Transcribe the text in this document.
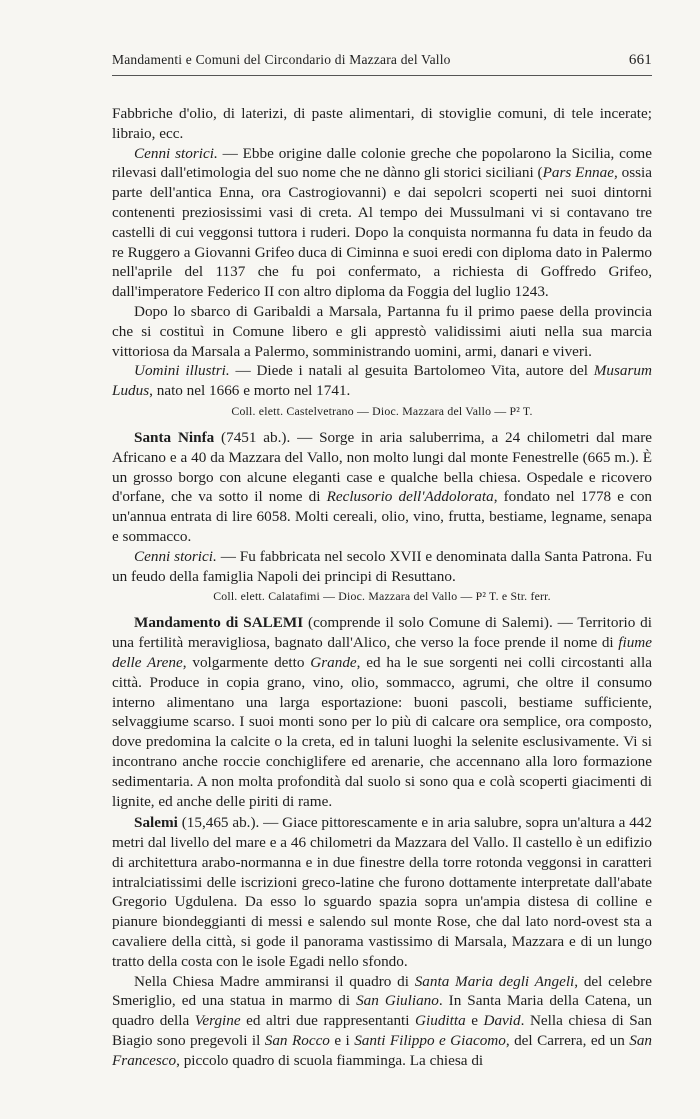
Mandamenti e Comuni del Circondario di Mazzara del Vallo	661

Fabbriche d'olio, di laterizi, di paste alimentari, di stoviglie comuni, di tele incerate; libraio, ecc.

Cenni storici. — Ebbe origine dalle colonie greche che popolarono la Sicilia, come rilevasi dall'etimologia del suo nome che ne dànno gli storici siciliani (Pars Ennae, ossia parte dell'antica Enna, ora Castrogiovanni) e dai sepolcri scoperti nei suoi dintorni contenenti preziosissimi vasi di creta. Al tempo dei Mussulmani vi si contavano tre castelli di cui veggonsi tuttora i ruderi. Dopo la conquista normanna fu data in feudo da re Ruggero a Giovanni Grifeo duca di Ciminna e suoi eredi con diploma dato in Palermo nell'aprile del 1137 che fu poi confermato, a richiesta di Goffredo Grifeo, dall'imperatore Federico II con altro diploma da Foggia del luglio 1243.

Dopo lo sbarco di Garibaldi a Marsala, Partanna fu il primo paese della provincia che si costituì in Comune libero e gli apprestò validissimi aiuti nella sua marcia vittoriosa da Marsala a Palermo, somministrando uomini, armi, danari e viveri.

Uomini illustri. — Diede i natali al gesuita Bartolomeo Vita, autore del Musarum Ludus, nato nel 1666 e morto nel 1741.

Coll. elett. Castelvetrano — Dioc. Mazzara del Vallo — P² T.

Santa Ninfa (7451 ab.). — Sorge in aria saluberrima, a 24 chilometri dal mare Africano e a 40 da Mazzara del Vallo, non molto lungi dal monte Fenestrelle (665 m.). È un grosso borgo con alcune eleganti case e qualche bella chiesa. Ospedale e ricovero d'orfane, che va sotto il nome di Reclusorio dell'Addolorata, fondato nel 1778 e con un'annua entrata di lire 6058. Molti cereali, olio, vino, frutta, bestiame, legname, senapa e sommacco.

Cenni storici. — Fu fabbricata nel secolo XVII e denominata dalla Santa Patrona. Fu un feudo della famiglia Napoli dei principi di Resuttano.

Coll. elett. Calatafimi — Dioc. Mazzara del Vallo — P² T. e Str. ferr.

Mandamento di SALEMI (comprende il solo Comune di Salemi). — Territorio di una fertilità meravigliosa, bagnato dall'Alico, che verso la foce prende il nome di fiume delle Arene, volgarmente detto Grande, ed ha le sue sorgenti nei colli circostanti alla città. Produce in copia grano, vino, olio, sommacco, agrumi, che oltre il consumo interno alimentano una larga esportazione: buoni pascoli, bestiame sufficiente, selvaggiume scarso. I suoi monti sono per lo più di calcare ora semplice, ora composto, dove predomina la calcite o la creta, ed in taluni luoghi la selenite esclusivamente. Vi si incontrano anche roccie conchiglifere ed arenarie, che accennano alla loro formazione sedimentaria. A non molta profondità dal suolo si sono qua e colà scoperti giacimenti di lignite, ed anche delle piriti di rame.

Salemi (15,465 ab.). — Giace pittorescamente e in aria salubre, sopra un'altura a 442 metri dal livello del mare e a 46 chilometri da Mazzara del Vallo. Il castello è un edifizio di architettura arabo-normanna e in due finestre della torre rotonda veggonsi in caratteri intralciatissimi delle iscrizioni greco-latine che furono dottamente interpretate dall'abate Gregorio Ugdulena. Da esso lo sguardo spazia sopra un'ampia distesa di colline e pianure biondeggianti di messi e salendo sul monte Rose, che dal lato nord-ovest sta a cavaliere della città, si gode il panorama vastissimo di Marsala, Mazzara e di un lungo tratto della costa con le isole Egadi nello sfondo.

Nella Chiesa Madre ammiransi il quadro di Santa Maria degli Angeli, del celebre Smeriglio, ed una statua in marmo di San Giuliano. In Santa Maria della Catena, un quadro della Vergine ed altri due rappresentanti Giuditta e David. Nella chiesa di San Biagio sono pregevoli il San Rocco e i Santi Filippo e Giacomo, del Carrera, ed un San Francesco, piccolo quadro di scuola fiamminga. La chiesa di
